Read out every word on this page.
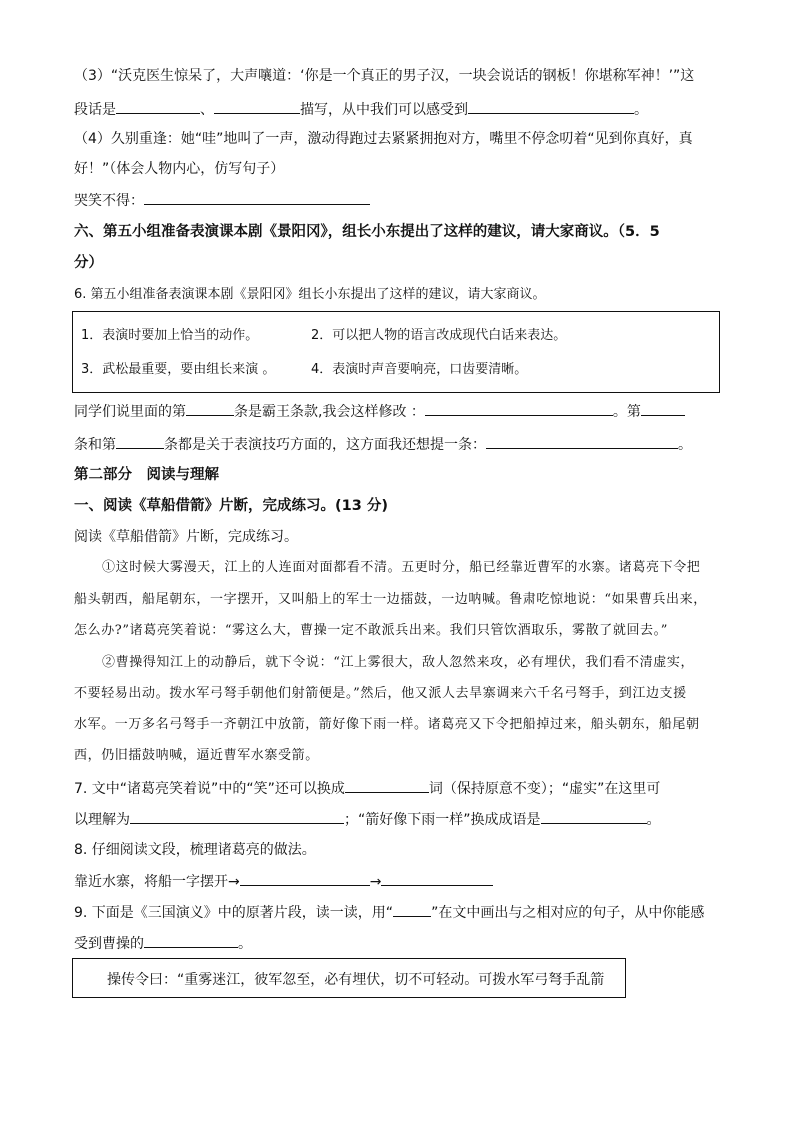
（3）“沃克医生惊呆了，大声嚷道：‘你是一个真正的男子汉，一块会说话的钢板！你堪称军神！’”这
段话是	、	描写，从中我们可以感受到	。
（4）久别重逢：她“哇”地叫了一声，激动得跑过去紧紧拥抱对方，嘴里不停念叨着“见到你真好，真
好！”（体会人物内心，仿写句子）
哭笑不得：
六、第五小组准备表演课本剧《景阳冈》，组长小东提出了这样的建议，请大家商议。（5．5
分）
6. 第五小组准备表演课本剧《景阳冈》组长小东提出了这样的建议，请大家商议。
1．表演时要加上恰当的动作。	2．可以把人物的语言改成现代白话来表达。
3．武松最重要，要由组长来演 。	4．表演时声音要响亮，口齿要清晰。
同学们说里面的第	条是霸王条款,我会这样修改 ：	。第
条和第	条都是关于表演技巧方面的，这方面我还想提一条：	。
第二部分　阅读与理解
一、阅读《草船借箭》片断，完成练习。(13 分)
阅读《草船借箭》片断，完成练习。
①这时候大雾漫天，江上的人连面对面都看不清。五更时分，船已经靠近曹军的水寨。诸葛亮下令把
船头朝西，船尾朝东，一字摆开，又叫船上的军士一边擂鼓，一边呐喊。鲁肃吃惊地说：“如果曹兵出来，
怎么办?”诸葛亮笑着说：“雾这么大，曹操一定不敢派兵出来。我们只管饮酒取乐，雾散了就回去。”
②曹操得知江上的动静后，就下令说：“江上雾很大，敌人忽然来攻，必有埋伏，我们看不清虚实，
不要轻易出动。拨水军弓弩手朝他们射箭便是。”然后，他又派人去旱寨调来六千名弓弩手，到江边支援
水军。一万多名弓弩手一齐朝江中放箭，箭好像下雨一样。诸葛亮又下令把船掉过来，船头朝东，船尾朝
西，仍旧擂鼓呐喊，逼近曹军水寨受箭。
7. 文中“诸葛亮笑着说”中的“笑”还可以换成	词（保持原意不变）；“虚实”在这里可
以理解为	；“箭好像下雨一样”换成成语是	。
8. 仔细阅读文段，梳理诸葛亮的做法。
靠近水寨，将船一字摆开→	→
9. 下面是《三国演义》中的原著片段，读一读，用“	”在文中画出与之相对应的句子，从中你能感
受到曹操的	。
操传令曰：“重雾迷江，彼军忽至，必有埋伏，切不可轻动。可拨水军弓弩手乱箭
